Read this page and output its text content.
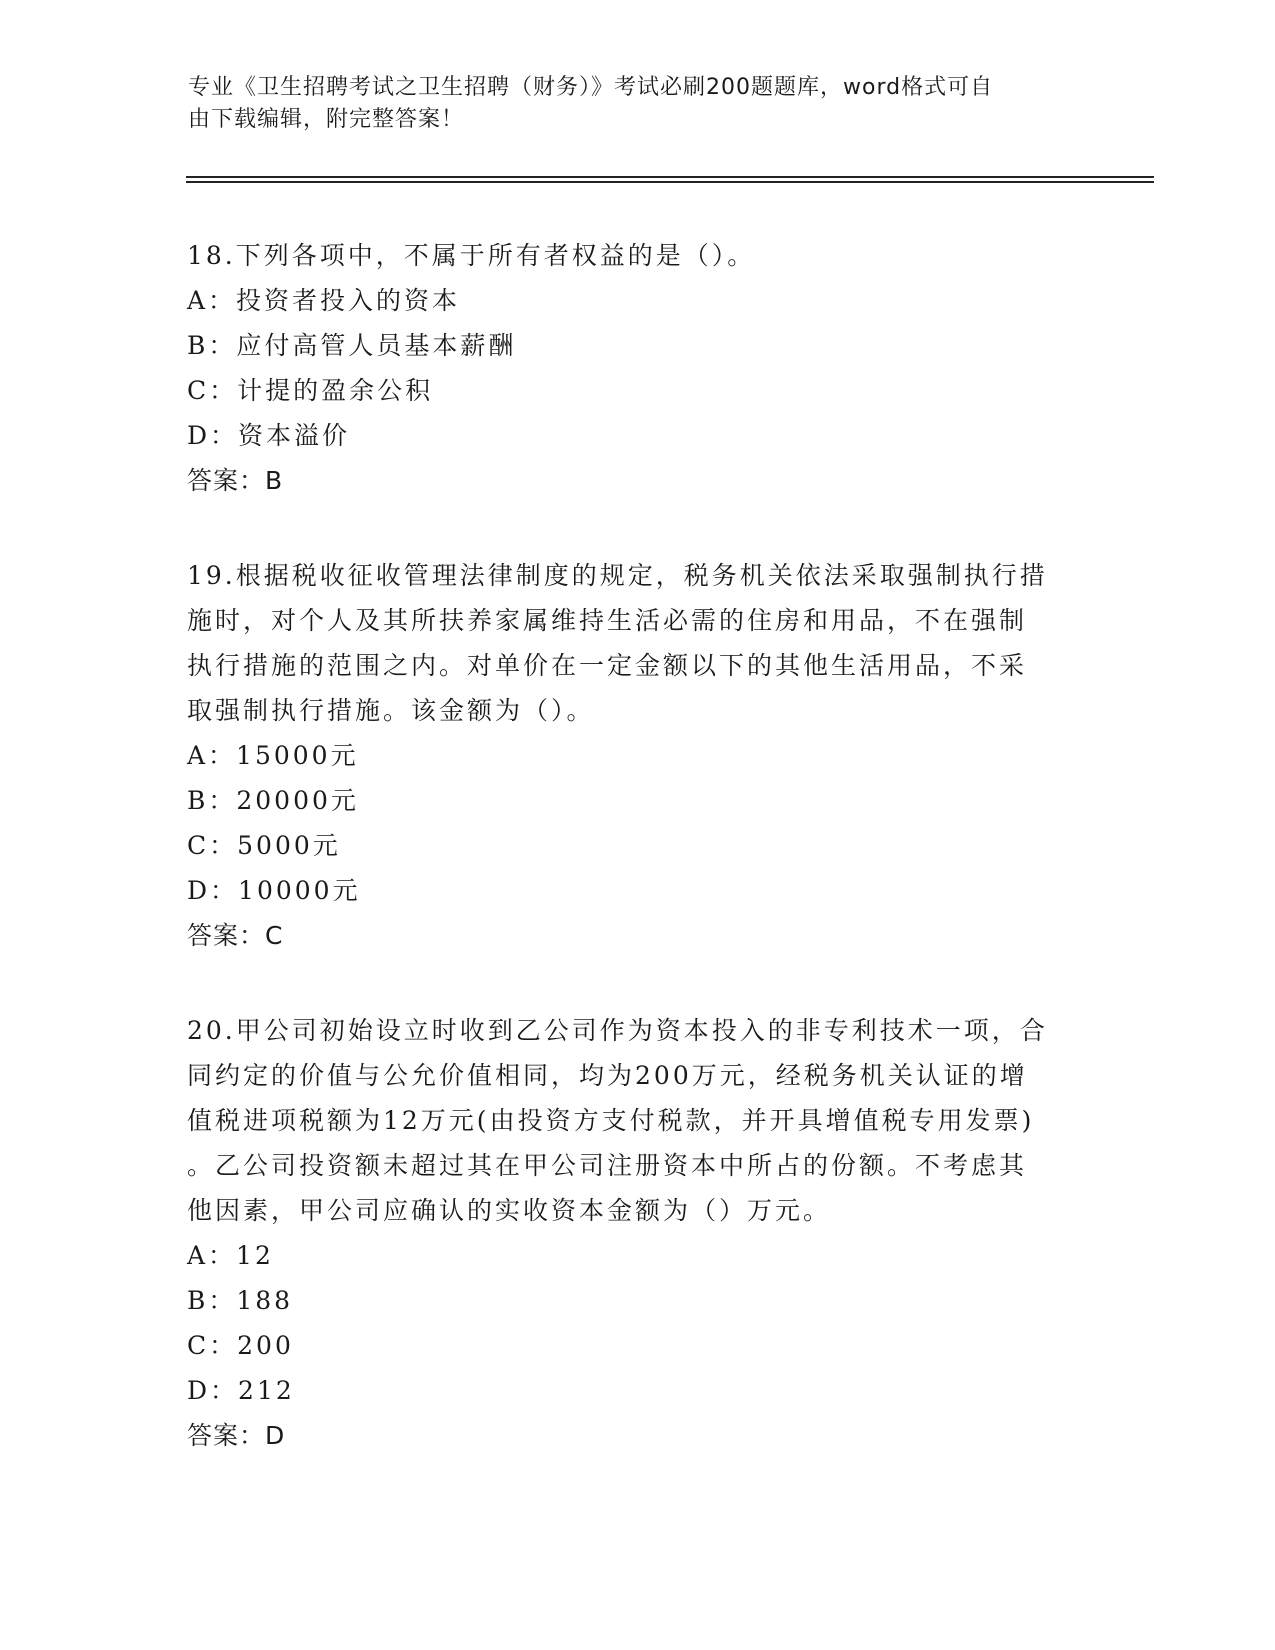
专业《卫生招聘考试之卫生招聘（财务）》考试必刷200题题库，word格式可自
由下载编辑，附完整答案！
18.下列各项中，不属于所有者权益的是（）。
A：投资者投入的资本
B：应付高管人员基本薪酬
C：计提的盈余公积
D：资本溢价
答案：B
19.根据税收征收管理法律制度的规定，税务机关依法采取强制执行措
施时，对个人及其所扶养家属维持生活必需的住房和用品，不在强制
执行措施的范围之内。对单价在一定金额以下的其他生活用品，不采
取强制执行措施。该金额为（）。
A：15000元
B：20000元
C：5000元
D：10000元
答案：C
20.甲公司初始设立时收到乙公司作为资本投入的非专利技术一项，合
同约定的价值与公允价值相同，均为200万元，经税务机关认证的增
值税进项税额为12万元(由投资方支付税款，并开具增值税专用发票)
。乙公司投资额未超过其在甲公司注册资本中所占的份额。不考虑其
他因素，甲公司应确认的实收资本金额为（）万元。
A：12
B：188
C：200
D：212
答案：D
